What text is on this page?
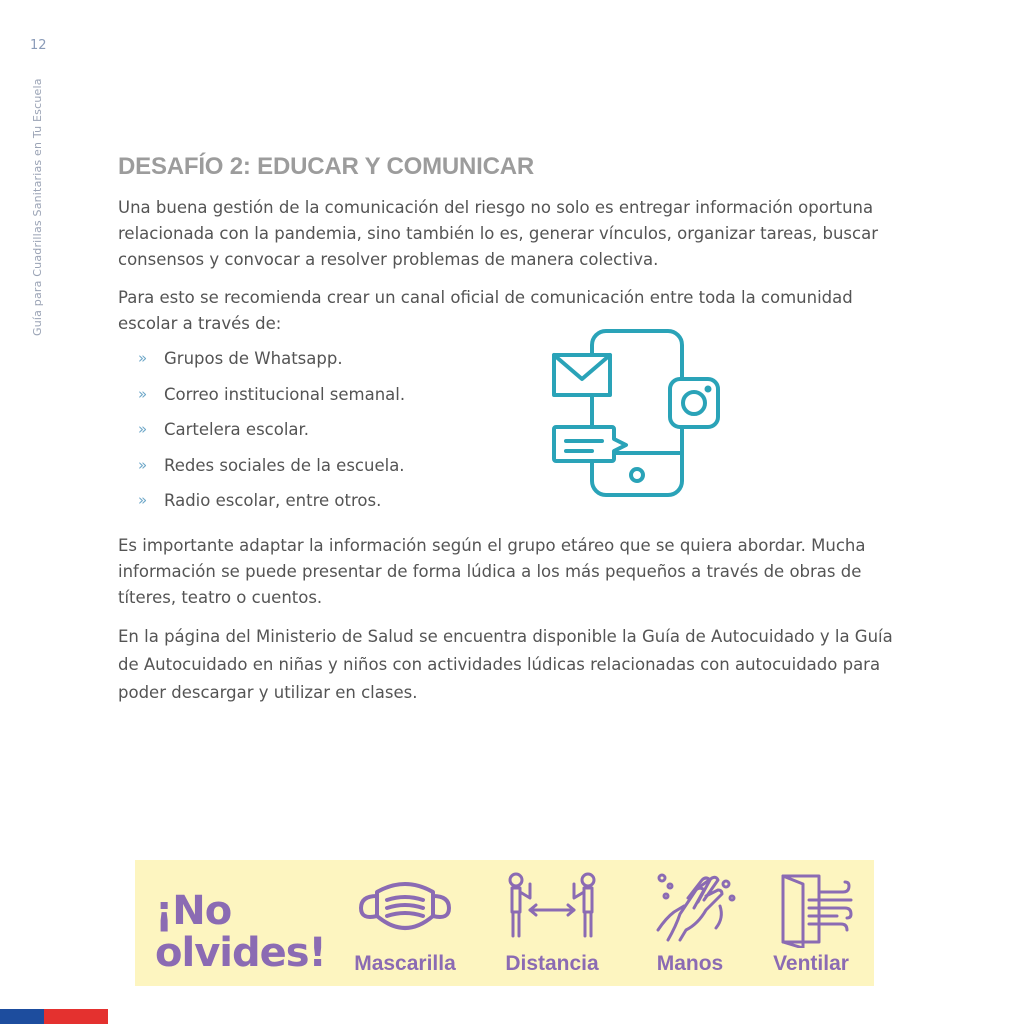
12
Guía para Cuadrillas Sanitarias en Tu Escuela	DESAFÍO 2: EDUCAR Y COMUNICAR

Una buena gestión de la comunicación del riesgo no solo es entregar información oportuna relacionada con la pandemia, sino también lo es, generar vínculos, organizar tareas, buscar consensos y convocar a resolver problemas de manera colectiva.

Para esto se recomienda crear un canal oficial de comunicación entre toda la comunidad escolar a través de:

»	Grupos de Whatsapp.
»	Correo institucional semanal.
»	Cartelera escolar.
»	Redes sociales de la escuela.
»	Radio escolar, entre otros.

Es importante adaptar la información según el grupo etáreo que se quiera abordar. Mucha información se puede presentar de forma lúdica a los más pequeños a través de obras de títeres, teatro o cuentos.

En la página del Ministerio de Salud se encuentra disponible la Guía de Autocuidado y la Guía de Autocuidado en niñas y niños con actividades lúdicas relacionadas con autocuidado para poder descargar y utilizar en clases.

¡No
olvides!	Mascarilla	Distancia	Manos	Ventilar
